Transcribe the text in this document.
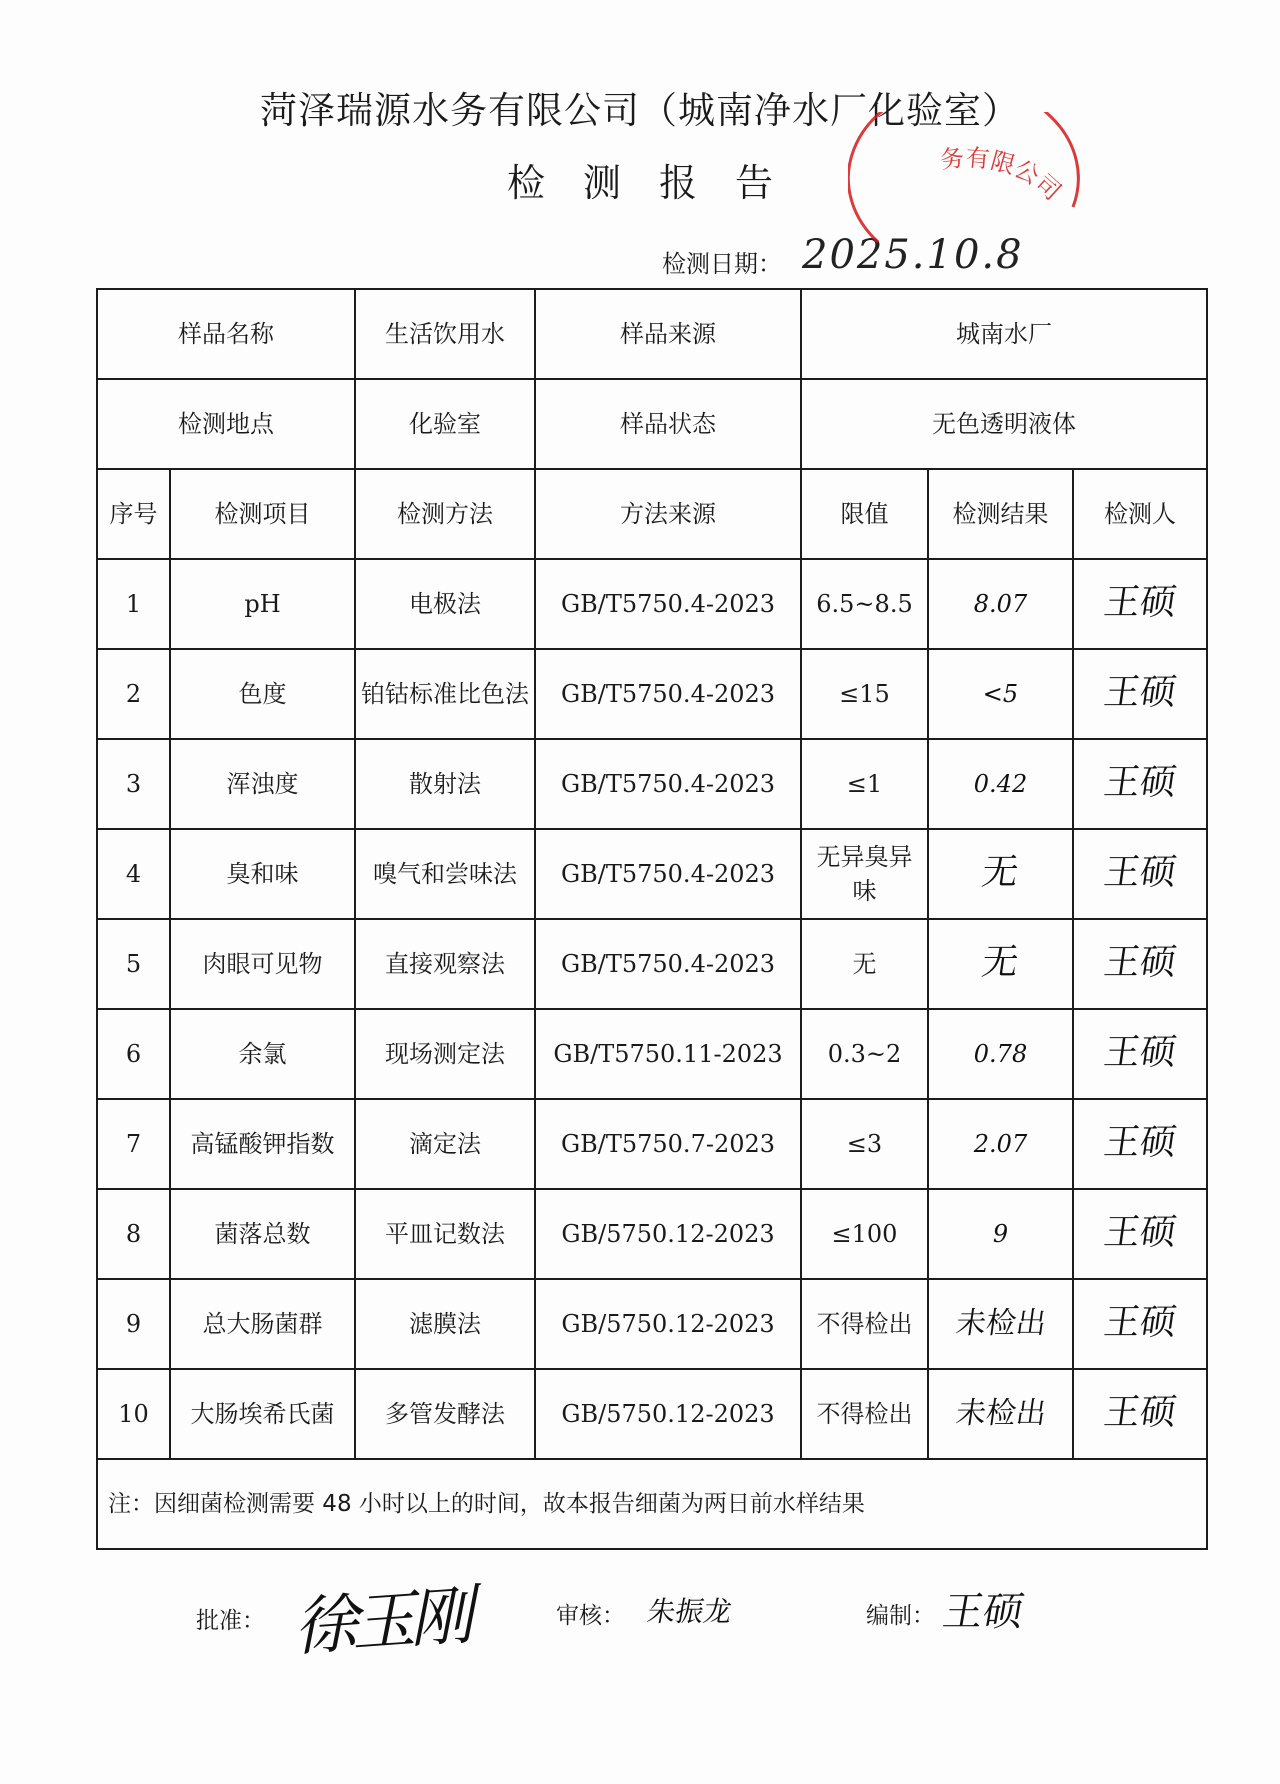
菏泽瑞源水务有限公司（城南净水厂化验室）
检测报告
检测日期： 2025.10.8
务有限公司
样品名称		生活饮用水	样品来源	城南水厂		
检测地点		化验室	样品状态	无色透明液体		
序号	检测项目	检测方法	方法来源	限值	检测结果	检测人
1	pH	电极法	GB/T5750.4-2023	6.5~8.5	8.07	王硕
2	色度	铂钴标准比色法	GB/T5750.4-2023	≤15	<5	王硕
3	浑浊度	散射法	GB/T5750.4-2023	≤1	0.42	王硕
4	臭和味	嗅气和尝味法	GB/T5750.4-2023	无异臭异味	无	王硕
5	肉眼可见物	直接观察法	GB/T5750.4-2023	无	无	王硕
6	余氯	现场测定法	GB/T5750.11-2023	0.3~2	0.78	王硕
7	高锰酸钾指数	滴定法	GB/T5750.7-2023	≤3	2.07	王硕
8	菌落总数	平皿记数法	GB/5750.12-2023	≤100	9	王硕
9	总大肠菌群	滤膜法	GB/5750.12-2023	不得检出	未检出	王硕
10	大肠埃希氏菌	多管发酵法	GB/5750.12-2023	不得检出	未检出	王硕
注：因细菌检测需要 48 小时以上的时间，故本报告细菌为两日前水样结果						
批准： 徐玉刚	审核： 朱振龙	编制： 王硕
